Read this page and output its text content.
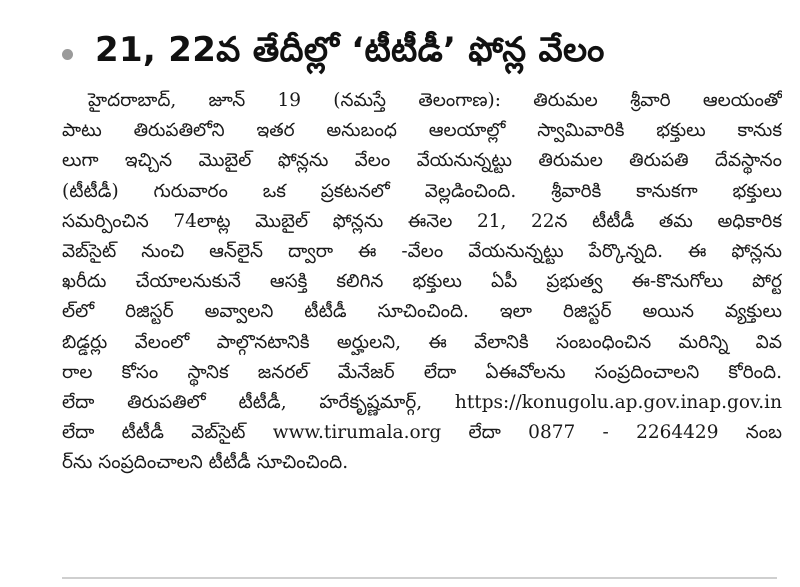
21, 22వ తేదీల్లో ‘టీటీడీ’ ఫోన్ల వేలం
హైదరాబాద్, జూన్ 19 (నమస్తే తెలంగాణ): తిరుమల శ్రీవారి ఆలయంతో
పాటు తిరుపతిలోని ఇతర అనుబంధ ఆలయాల్లో స్వామివారికి భక్తులు కానుక
లుగా ఇచ్చిన మొబైల్ ఫోన్లను వేలం వేయనున్నట్టు తిరుమల తిరుపతి దేవస్థానం
(టీటీడీ) గురువారం ఒక ప్రకటనలో వెల్లడించింది. శ్రీవారికి కానుకగా భక్తులు
సమర్పించిన 74లాట్ల మొబైల్ ఫోన్లను ఈనెల 21, 22న టీటీడీ తమ అధికారిక
వెబ్‌సైట్ నుంచి ఆన్‌లైన్ ద్వారా ఈ -వేలం వేయనున్నట్టు పేర్కొన్నది. ఈ ఫోన్లను
ఖరీదు చేయాలనుకునే ఆసక్తి కలిగిన భక్తులు ఏపీ ప్రభుత్వ ఈ-కొనుగోలు పోర్ట
ల్‌లో రిజిస్టర్ అవ్వాలని టీటీడీ సూచించింది. ఇలా రిజిస్టర్ అయిన వ్యక్తులు
బిడ్డర్లు వేలంలో పాల్గొనటానికి అర్హులని, ఈ వేలానికి సంబంధించిన మరిన్ని వివ
రాల కోసం స్థానిక జనరల్ మేనేజర్ లేదా ఏఈవోలను సంప్రదించాలని కోరింది.
లేదా తిరుపతిలో టీటీడీ, హరేకృష్ణమార్గ్, https://konugolu.ap.gov.inap.gov.in
లేదా టీటీడీ వెబ్‌సైట్ www.tirumala.org లేదా 0877 - 2264429 నంబ
ర్‌ను సంప్రదించాలని టీటీడీ సూచించింది.
